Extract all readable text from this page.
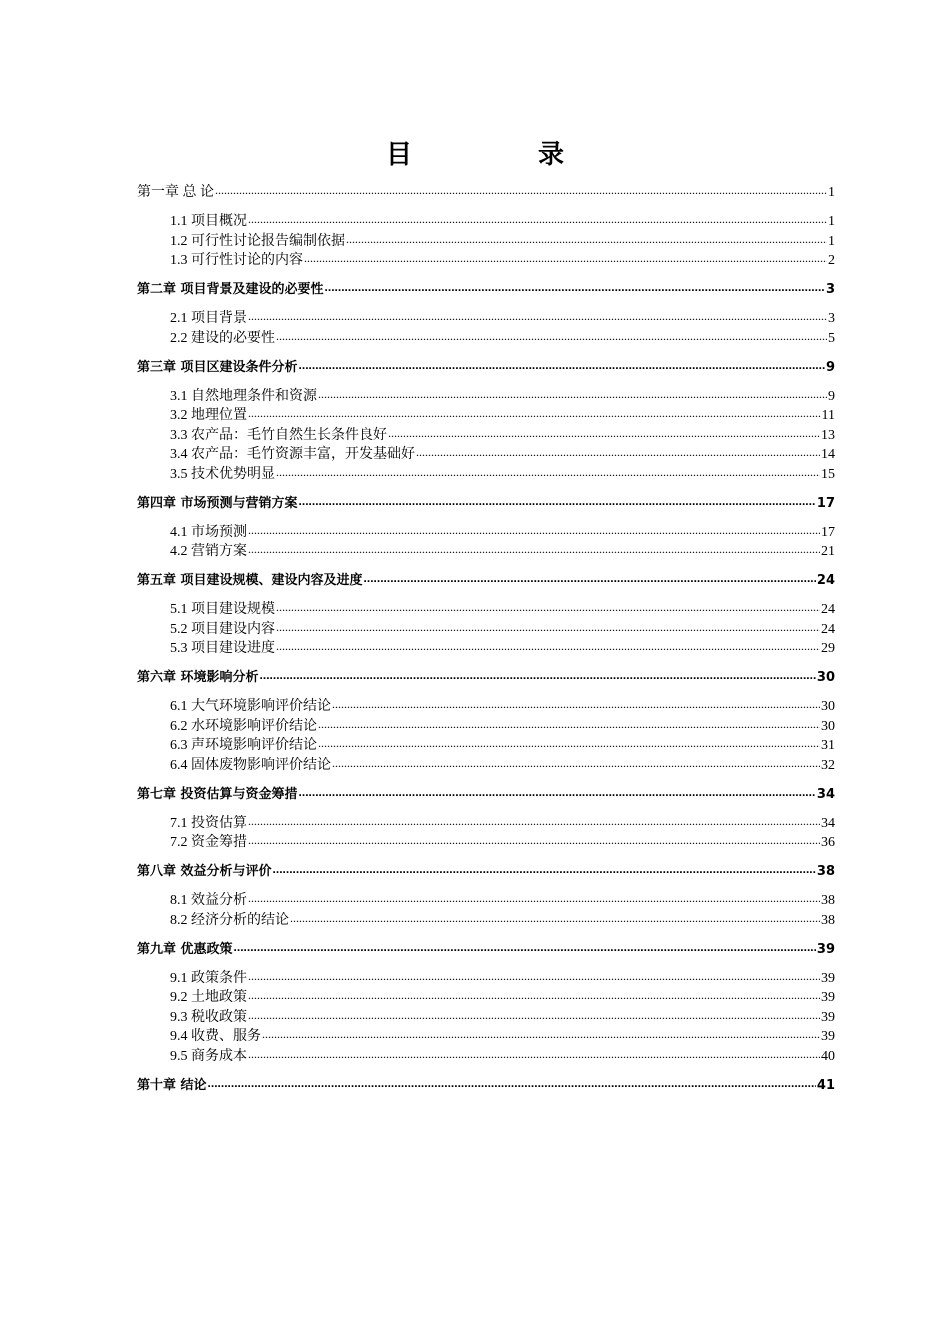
目　录
第一章 总 论 .....	1
1.1 项目概况 .....	1
1.2 可行性讨论报告编制依据 .....	1
1.3 可行性讨论的内容 .....	2
第二章 项目背景及建设的必要性 .....	3
2.1 项目背景 .....	3
2.2 建设的必要性 .....	5
第三章 项目区建设条件分析 .....	9
3.1 自然地理条件和资源 .....	9
3.2 地理位置 .....	11
3.3 农产品：毛竹自然生长条件良好 .....	13
3.4 农产品：毛竹资源丰富，开发基础好 .....	14
3.5 技术优势明显 .....	15
第四章 市场预测与营销方案 .....	17
4.1 市场预测 .....	17
4.2 营销方案 .....	21
第五章 项目建设规模、建设内容及进度 .....	24
5.1 项目建设规模 .....	24
5.2 项目建设内容 .....	24
5.3 项目建设进度 .....	29
第六章 环境影响分析 .....	30
6.1 大气环境影响评价结论 .....	30
6.2 水环境影响评价结论 .....	30
6.3 声环境影响评价结论 .....	31
6.4 固体废物影响评价结论 .....	32
第七章 投资估算与资金筹措 .....	34
7.1 投资估算 .....	34
7.2 资金筹措 .....	36
第八章 效益分析与评价 .....	38
8.1 效益分析 .....	38
8.2 经济分析的结论 .....	38
第九章 优惠政策 .....	39
9.1 政策条件 .....	39
9.2 土地政策 .....	39
9.3 税收政策 .....	39
9.4 收费、服务 .....	39
9.5 商务成本 .....	40
第十章 结论 .....	41
